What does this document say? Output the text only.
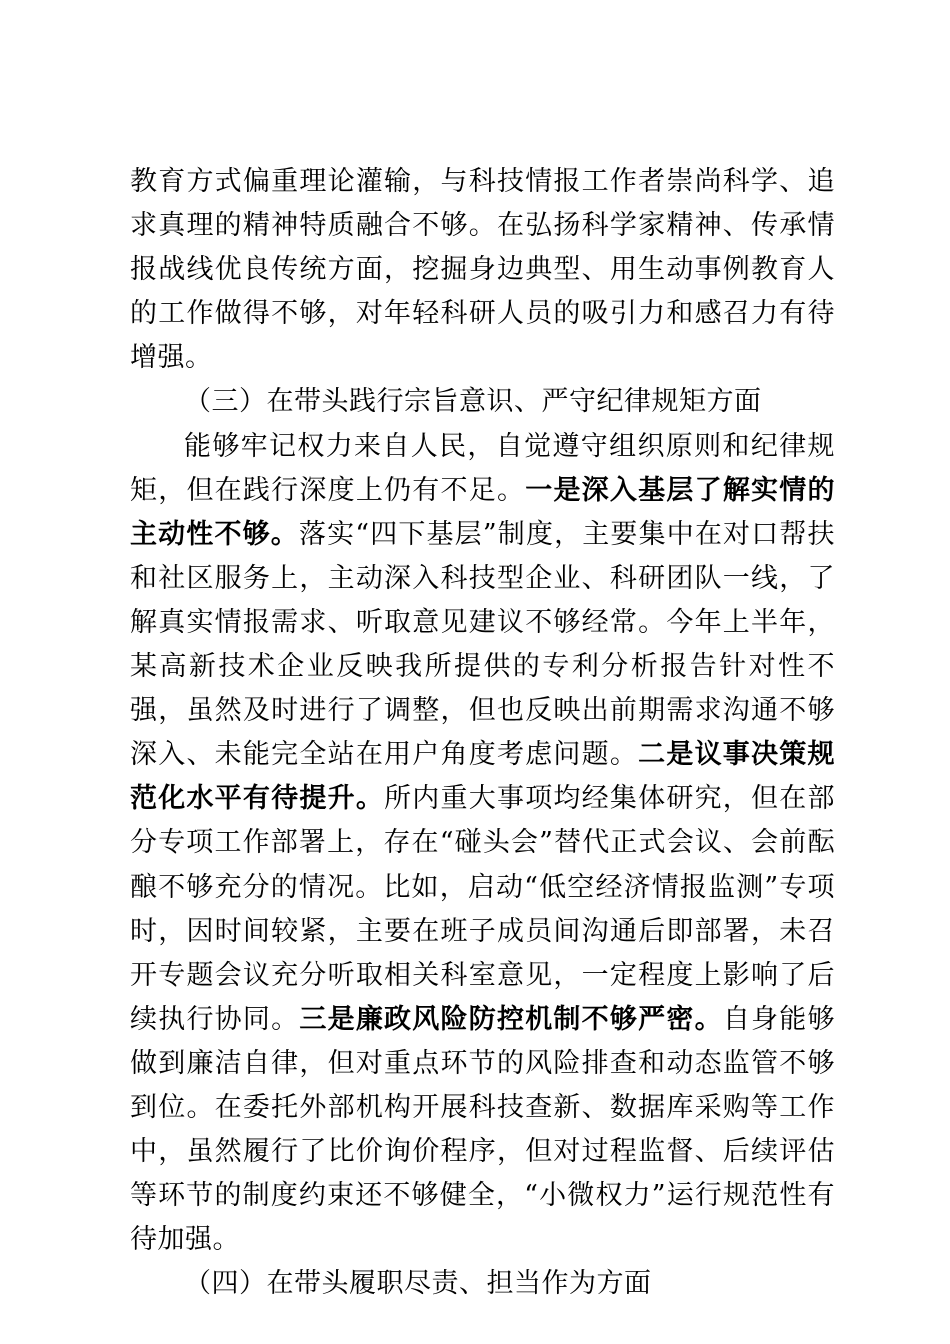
教育方式偏重理论灌输，与科技情报工作者崇尚科学、追求真理的精神特质融合不够。在弘扬科学家精神、传承情报战线优良传统方面，挖掘身边典型、用生动事例教育人的工作做得不够，对年轻科研人员的吸引力和感召力有待增强。

（三）在带头践行宗旨意识、严守纪律规矩方面

能够牢记权力来自人民，自觉遵守组织原则和纪律规矩，但在践行深度上仍有不足。一是深入基层了解实情的主动性不够。落实“四下基层”制度，主要集中在对口帮扶和社区服务上，主动深入科技型企业、科研团队一线，了解真实情报需求、听取意见建议不够经常。今年上半年，某高新技术企业反映我所提供的专利分析报告针对性不强，虽然及时进行了调整，但也反映出前期需求沟通不够深入、未能完全站在用户角度考虑问题。二是议事决策规范化水平有待提升。所内重大事项均经集体研究，但在部分专项工作部署上，存在“碰头会”替代正式会议、会前酝酿不够充分的情况。比如，启动“低空经济情报监测”专项时，因时间较紧，主要在班子成员间沟通后即部署，未召开专题会议充分听取相关科室意见，一定程度上影响了后续执行协同。三是廉政风险防控机制不够严密。自身能够做到廉洁自律，但对重点环节的风险排查和动态监管不够到位。在委托外部机构开展科技查新、数据库采购等工作中，虽然履行了比价询价程序，但对过程监督、后续评估等环节的制度约束还不够健全，“小微权力”运行规范性有待加强。

（四）在带头履职尽责、担当作为方面
